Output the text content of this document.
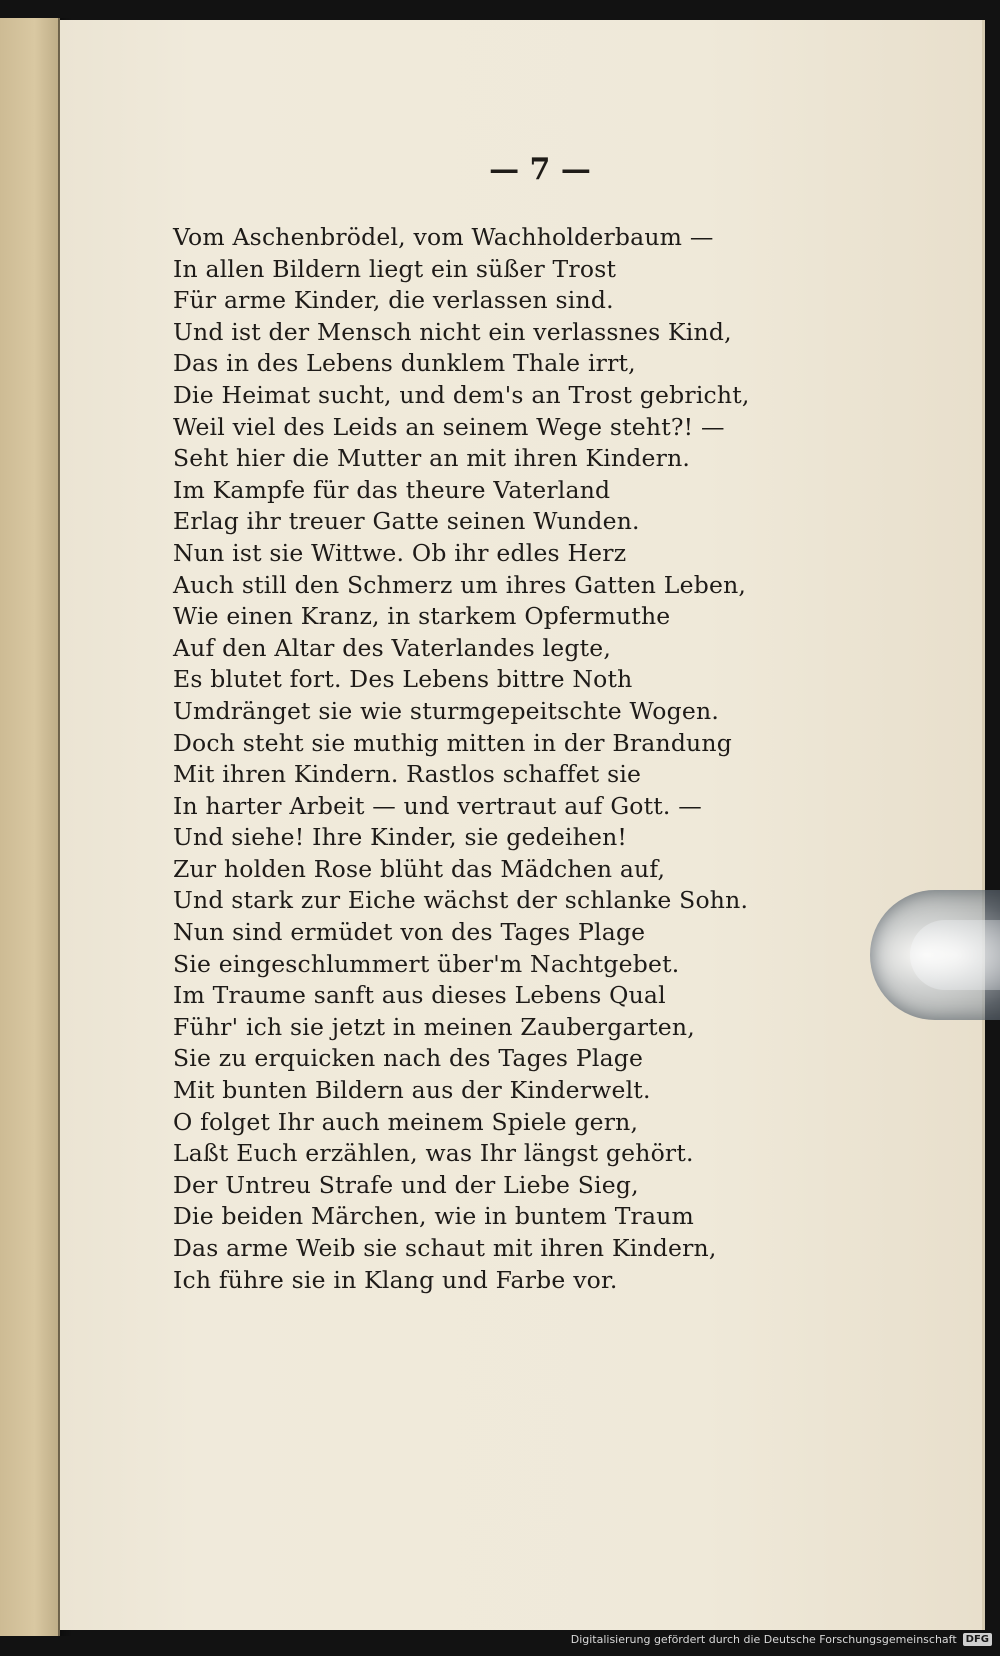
— 7 —
Vom Aschenbrödel, vom Wachholderbaum —
In allen Bildern liegt ein süßer Trost
Für arme Kinder, die verlassen sind.
Und ist der Mensch nicht ein verlassnes Kind,
Das in des Lebens dunklem Thale irrt,
Die Heimat sucht, und dem's an Trost gebricht,
Weil viel des Leids an seinem Wege steht?! —
Seht hier die Mutter an mit ihren Kindern.
Im Kampfe für das theure Vaterland
Erlag ihr treuer Gatte seinen Wunden.
Nun ist sie Wittwe. Ob ihr edles Herz
Auch still den Schmerz um ihres Gatten Leben,
Wie einen Kranz, in starkem Opfermuthe
Auf den Altar des Vaterlandes legte,
Es blutet fort. Des Lebens bittre Noth
Umdränget sie wie sturmgepeitschte Wogen.
Doch steht sie muthig mitten in der Brandung
Mit ihren Kindern. Rastlos schaffet sie
In harter Arbeit — und vertraut auf Gott. —
Und siehe! Ihre Kinder, sie gedeihen!
Zur holden Rose blüht das Mädchen auf,
Und stark zur Eiche wächst der schlanke Sohn.
Nun sind ermüdet von des Tages Plage
Sie eingeschlummert über'm Nachtgebet.
Im Traume sanft aus dieses Lebens Qual
Führ' ich sie jetzt in meinen Zaubergarten,
Sie zu erquicken nach des Tages Plage
Mit bunten Bildern aus der Kinderwelt.
O folget Ihr auch meinem Spiele gern,
Laßt Euch erzählen, was Ihr längst gehört.
Der Untreu Strafe und der Liebe Sieg,
Die beiden Märchen, wie in buntem Traum
Das arme Weib sie schaut mit ihren Kindern,
Ich führe sie in Klang und Farbe vor.
Digitalisierung gefördert durch die Deutsche Forschungsgemeinschaft DFG
